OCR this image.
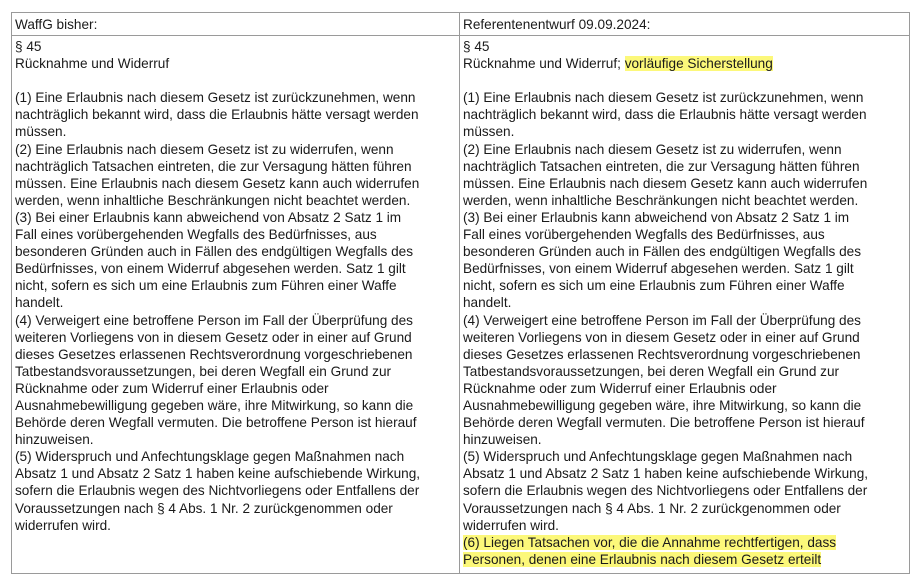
WaffG bisher:
§ 45
Rücknahme und Widerruf
(1) Eine Erlaubnis nach diesem Gesetz ist zurückzunehmen, wenn
nachträglich bekannt wird, dass die Erlaubnis hätte versagt werden
müssen.
(2) Eine Erlaubnis nach diesem Gesetz ist zu widerrufen, wenn
nachträglich Tatsachen eintreten, die zur Versagung hätten führen
müssen. Eine Erlaubnis nach diesem Gesetz kann auch widerrufen
werden, wenn inhaltliche Beschränkungen nicht beachtet werden.
(3) Bei einer Erlaubnis kann abweichend von Absatz 2 Satz 1 im
Fall eines vorübergehenden Wegfalls des Bedürfnisses, aus
besonderen Gründen auch in Fällen des endgültigen Wegfalls des
Bedürfnisses, von einem Widerruf abgesehen werden. Satz 1 gilt
nicht, sofern es sich um eine Erlaubnis zum Führen einer Waffe
handelt.
(4) Verweigert eine betroffene Person im Fall der Überprüfung des
weiteren Vorliegens von in diesem Gesetz oder in einer auf Grund
dieses Gesetzes erlassenen Rechtsverordnung vorgeschriebenen
Tatbestandsvoraussetzungen, bei deren Wegfall ein Grund zur
Rücknahme oder zum Widerruf einer Erlaubnis oder
Ausnahmebewilligung gegeben wäre, ihre Mitwirkung, so kann die
Behörde deren Wegfall vermuten. Die betroffene Person ist hierauf
hinzuweisen.
(5) Widerspruch und Anfechtungsklage gegen Maßnahmen nach
Absatz 1 und Absatz 2 Satz 1 haben keine aufschiebende Wirkung,
sofern die Erlaubnis wegen des Nichtvorliegens oder Entfallens der
Voraussetzungen nach § 4 Abs. 1 Nr. 2 zurückgenommen oder
widerrufen wird.
Referentenentwurf 09.09.2024:
§ 45
Rücknahme und Widerruf; vorläufige Sicherstellung
(1) Eine Erlaubnis nach diesem Gesetz ist zurückzunehmen, wenn
nachträglich bekannt wird, dass die Erlaubnis hätte versagt werden
müssen.
(2) Eine Erlaubnis nach diesem Gesetz ist zu widerrufen, wenn
nachträglich Tatsachen eintreten, die zur Versagung hätten führen
müssen. Eine Erlaubnis nach diesem Gesetz kann auch widerrufen
werden, wenn inhaltliche Beschränkungen nicht beachtet werden.
(3) Bei einer Erlaubnis kann abweichend von Absatz 2 Satz 1 im
Fall eines vorübergehenden Wegfalls des Bedürfnisses, aus
besonderen Gründen auch in Fällen des endgültigen Wegfalls des
Bedürfnisses, von einem Widerruf abgesehen werden. Satz 1 gilt
nicht, sofern es sich um eine Erlaubnis zum Führen einer Waffe
handelt.
(4) Verweigert eine betroffene Person im Fall der Überprüfung des
weiteren Vorliegens von in diesem Gesetz oder in einer auf Grund
dieses Gesetzes erlassenen Rechtsverordnung vorgeschriebenen
Tatbestandsvoraussetzungen, bei deren Wegfall ein Grund zur
Rücknahme oder zum Widerruf einer Erlaubnis oder
Ausnahmebewilligung gegeben wäre, ihre Mitwirkung, so kann die
Behörde deren Wegfall vermuten. Die betroffene Person ist hierauf
hinzuweisen.
(5) Widerspruch und Anfechtungsklage gegen Maßnahmen nach
Absatz 1 und Absatz 2 Satz 1 haben keine aufschiebende Wirkung,
sofern die Erlaubnis wegen des Nichtvorliegens oder Entfallens der
Voraussetzungen nach § 4 Abs. 1 Nr. 2 zurückgenommen oder
widerrufen wird.
(6) Liegen Tatsachen vor, die die Annahme rechtfertigen, dass
Personen, denen eine Erlaubnis nach diesem Gesetz erteilt
